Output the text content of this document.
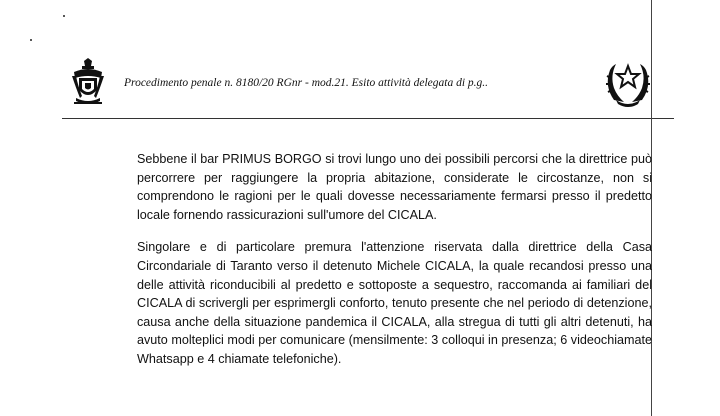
Procedimento penale n. 8180/20 RGnr - mod.21. Esito attività delegata di p.g..

Sebbene il bar PRIMUS BORGO si trovi lungo uno dei possibili percorsi che la direttrice può percorrere per raggiungere la propria abitazione, considerate le circostanze, non si comprendono le ragioni per le quali dovesse necessariamente fermarsi presso il predetto locale fornendo rassicurazioni sull'umore del CICALA.

Singolare e di particolare premura l'attenzione riservata dalla direttrice della Casa Circondariale di Taranto verso il detenuto Michele CICALA, la quale recandosi presso una delle attività riconducibili al predetto e sottoposte a sequestro, raccomanda ai familiari del CICALA di scrivergli per esprimergli conforto, tenuto presente che nel periodo di detenzione, causa anche della situazione pandemica il CICALA, alla stregua di tutti gli altri detenuti, ha avuto molteplici modi per comunicare (mensilmente: 3 colloqui in presenza; 6 videochiamate Whatsapp e 4 chiamate telefoniche).
